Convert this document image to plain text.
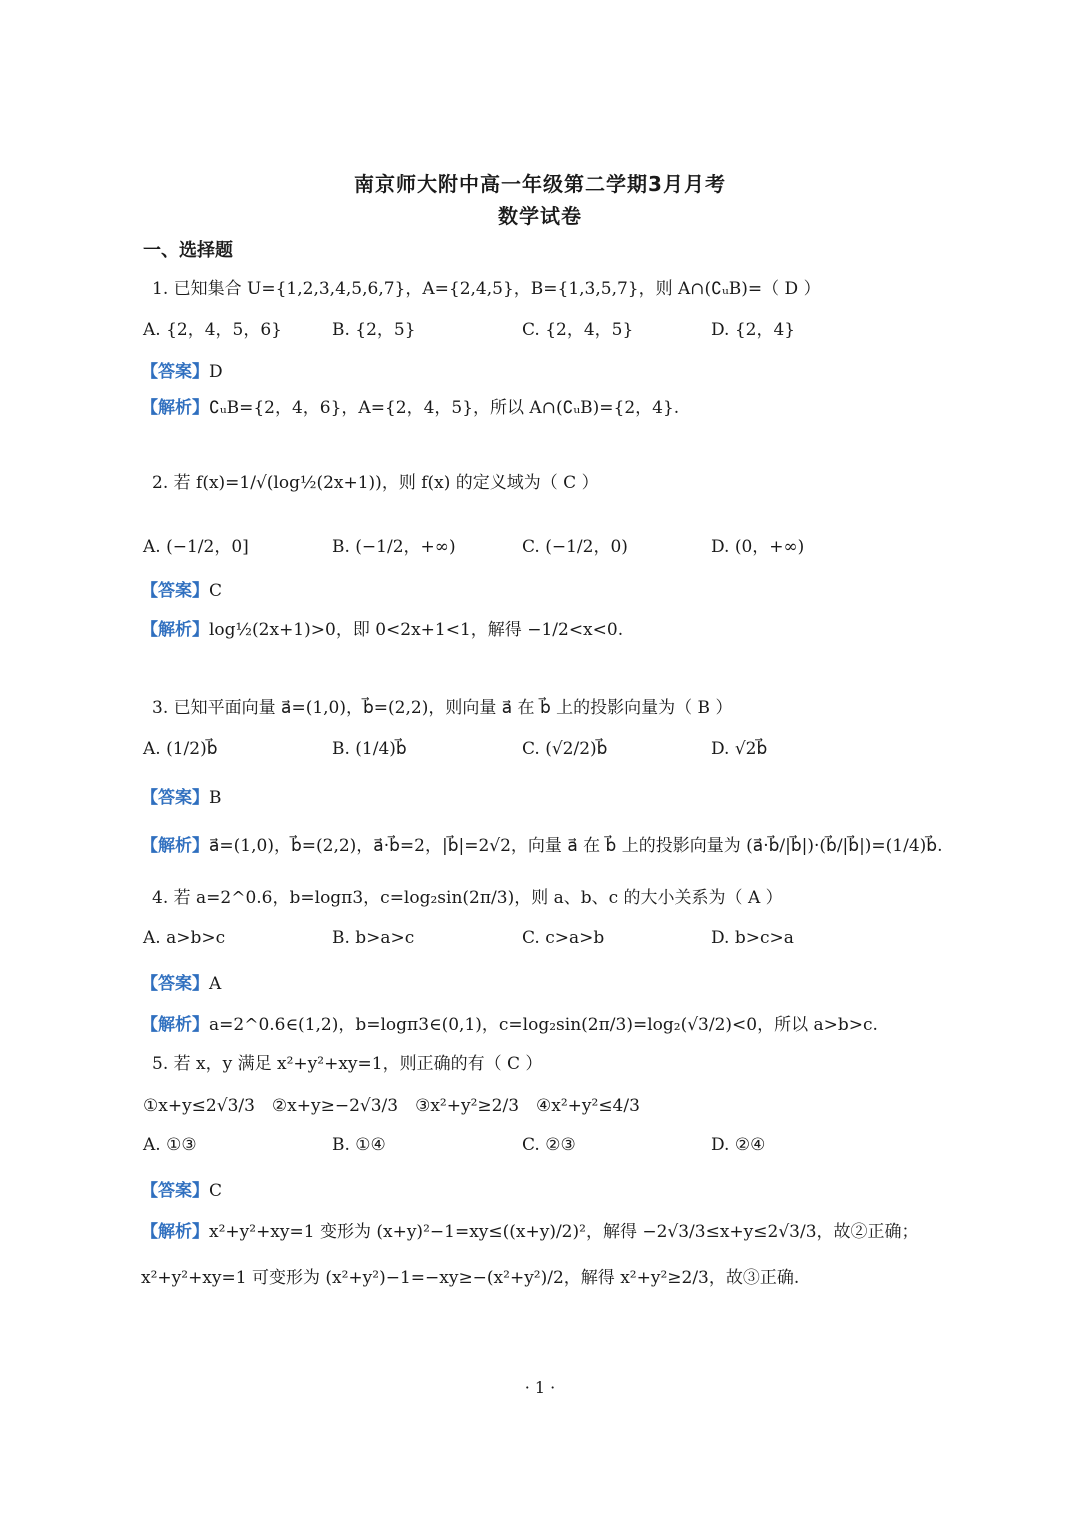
南京师大附中高一年级第二学期3月月考
数学试卷
一、选择题
1. 已知集合 U={1,2,3,4,5,6,7}，A={2,4,5}，B={1,3,5,7}，则 A∩(∁ᵤB)=（ D ）
A. {2，4，5，6}	B. {2，5}	C. {2，4，5}	D. {2，4}
【答案】D
【解析】∁ᵤB={2，4，6}，A={2，4，5}，所以 A∩(∁ᵤB)={2，4}.
2. 若 f(x)=1/√(log½(2x+1))，则 f(x) 的定义域为（ C ）
A. (−1/2，0]	B. (−1/2，+∞)	C. (−1/2，0)	D. (0，+∞)
【答案】C
【解析】log½(2x+1)>0，即 0<2x+1<1，解得 −1/2<x<0.
3. 已知平面向量 a⃗=(1,0)，b⃗=(2,2)，则向量 a⃗ 在 b⃗ 上的投影向量为（ B ）
A. (1/2)b⃗	B. (1/4)b⃗	C. (√2/2)b⃗	D. √2b⃗
【答案】B
【解析】a⃗=(1,0)，b⃗=(2,2)，a⃗·b⃗=2，|b⃗|=2√2，向量 a⃗ 在 b⃗ 上的投影向量为 (a⃗·b⃗/|b⃗|)·(b⃗/|b⃗|)=(1/4)b⃗.
4. 若 a=2^0.6，b=logπ3，c=log₂sin(2π/3)，则 a、b、c 的大小关系为（ A ）
A. a>b>c	B. b>a>c	C. c>a>b	D. b>c>a
【答案】A
【解析】a=2^0.6∈(1,2)，b=logπ3∈(0,1)，c=log₂sin(2π/3)=log₂(√3/2)<0，所以 a>b>c.
5. 若 x，y 满足 x²+y²+xy=1，则正确的有（ C ）
①x+y≤2√3/3　②x+y≥−2√3/3　③x²+y²≥2/3　④x²+y²≤4/3
A. ①③	B. ①④	C. ②③	D. ②④
【答案】C
【解析】x²+y²+xy=1 变形为 (x+y)²−1=xy≤((x+y)/2)²，解得 −2√3/3≤x+y≤2√3/3，故②正确；
x²+y²+xy=1 可变形为 (x²+y²)−1=−xy≥−(x²+y²)/2，解得 x²+y²≥2/3，故③正确.
· 1 ·
